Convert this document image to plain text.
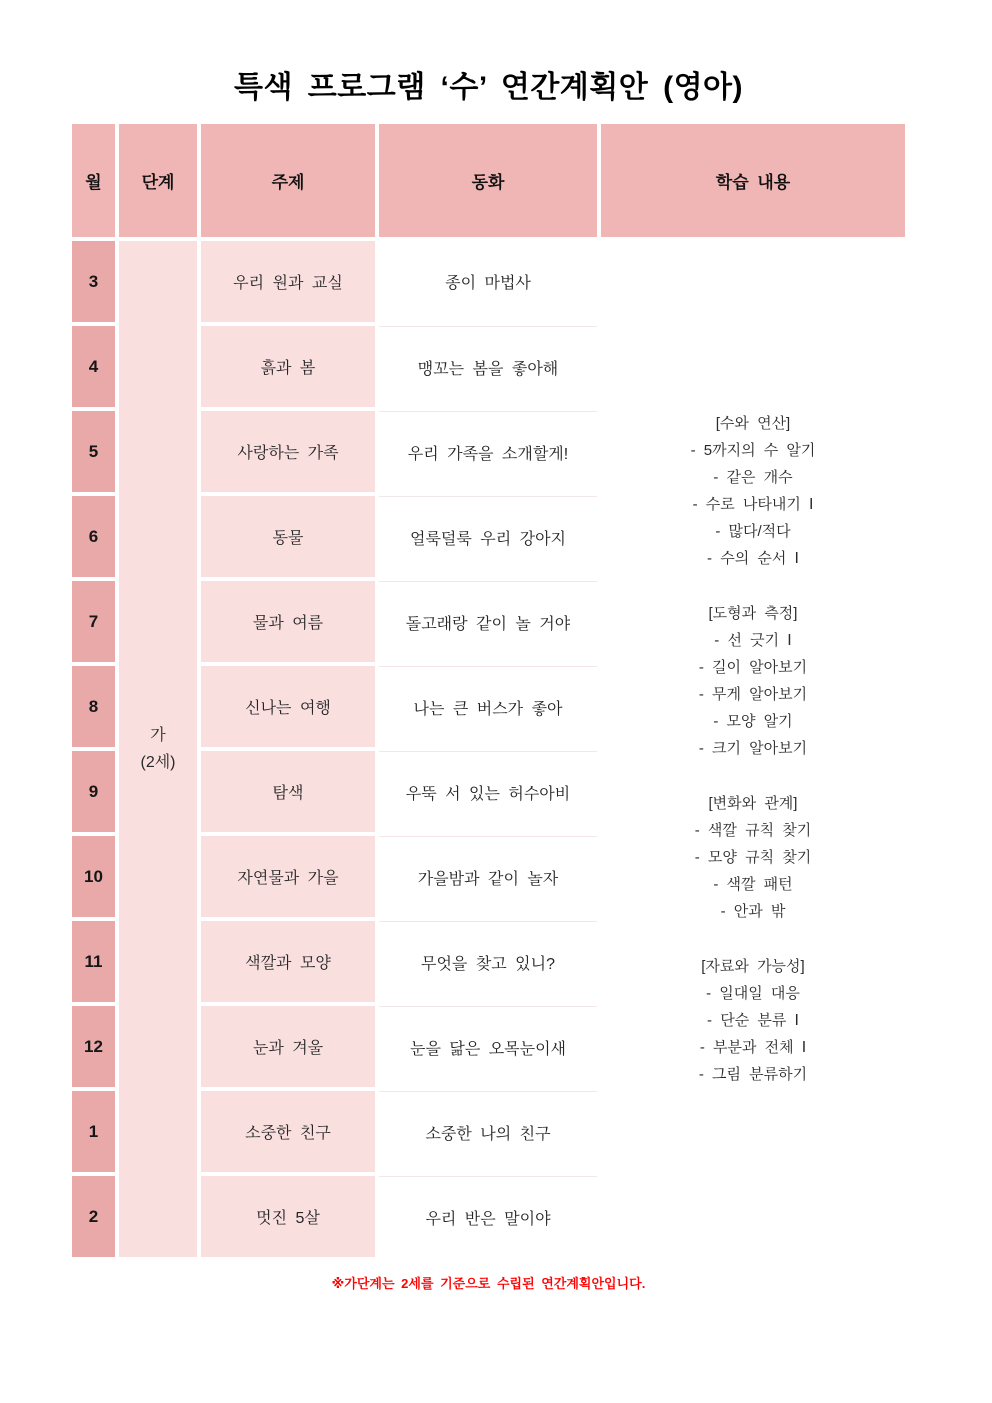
특색 프로그램 ‘수’ 연간계획안 (영아)
월	단계	주제	동화	학습 내용
가
(2세)
[수와 연산]
- 5까지의 수 알기
- 같은 개수
- 수로 나타내기 Ⅰ
- 많다/적다
- 수의 순서 Ⅰ
[도형과 측정]
- 선 긋기 Ⅰ
- 길이 알아보기
- 무게 알아보기
- 모양 알기
- 크기 알아보기
[변화와 관계]
- 색깔 규칙 찾기
- 모양 규칙 찾기
- 색깔 패턴
- 안과 밖
[자료와 가능성]
- 일대일 대응
- 단순 분류 Ⅰ
- 부분과 전체 Ⅰ
- 그림 분류하기
3	우리 원과 교실	종이 마법사
4	흙과 봄	맹꼬는 봄을 좋아해
5	사랑하는 가족	우리 가족을 소개할게!
6	동물	얼룩덜룩 우리 강아지
7	물과 여름	돌고래랑 같이 놀 거야
8	신나는 여행	나는 큰 버스가 좋아
9	탐색	우뚝 서 있는 허수아비
10	자연물과 가을	가을밤과 같이 놀자
11	색깔과 모양	무엇을 찾고 있니?
12	눈과 겨울	눈을 닮은 오목눈이새
1	소중한 친구	소중한 나의 친구
2	멋진 5살	우리 반은 말이야
※가단계는 2세를 기준으로 수립된 연간계획안입니다.
